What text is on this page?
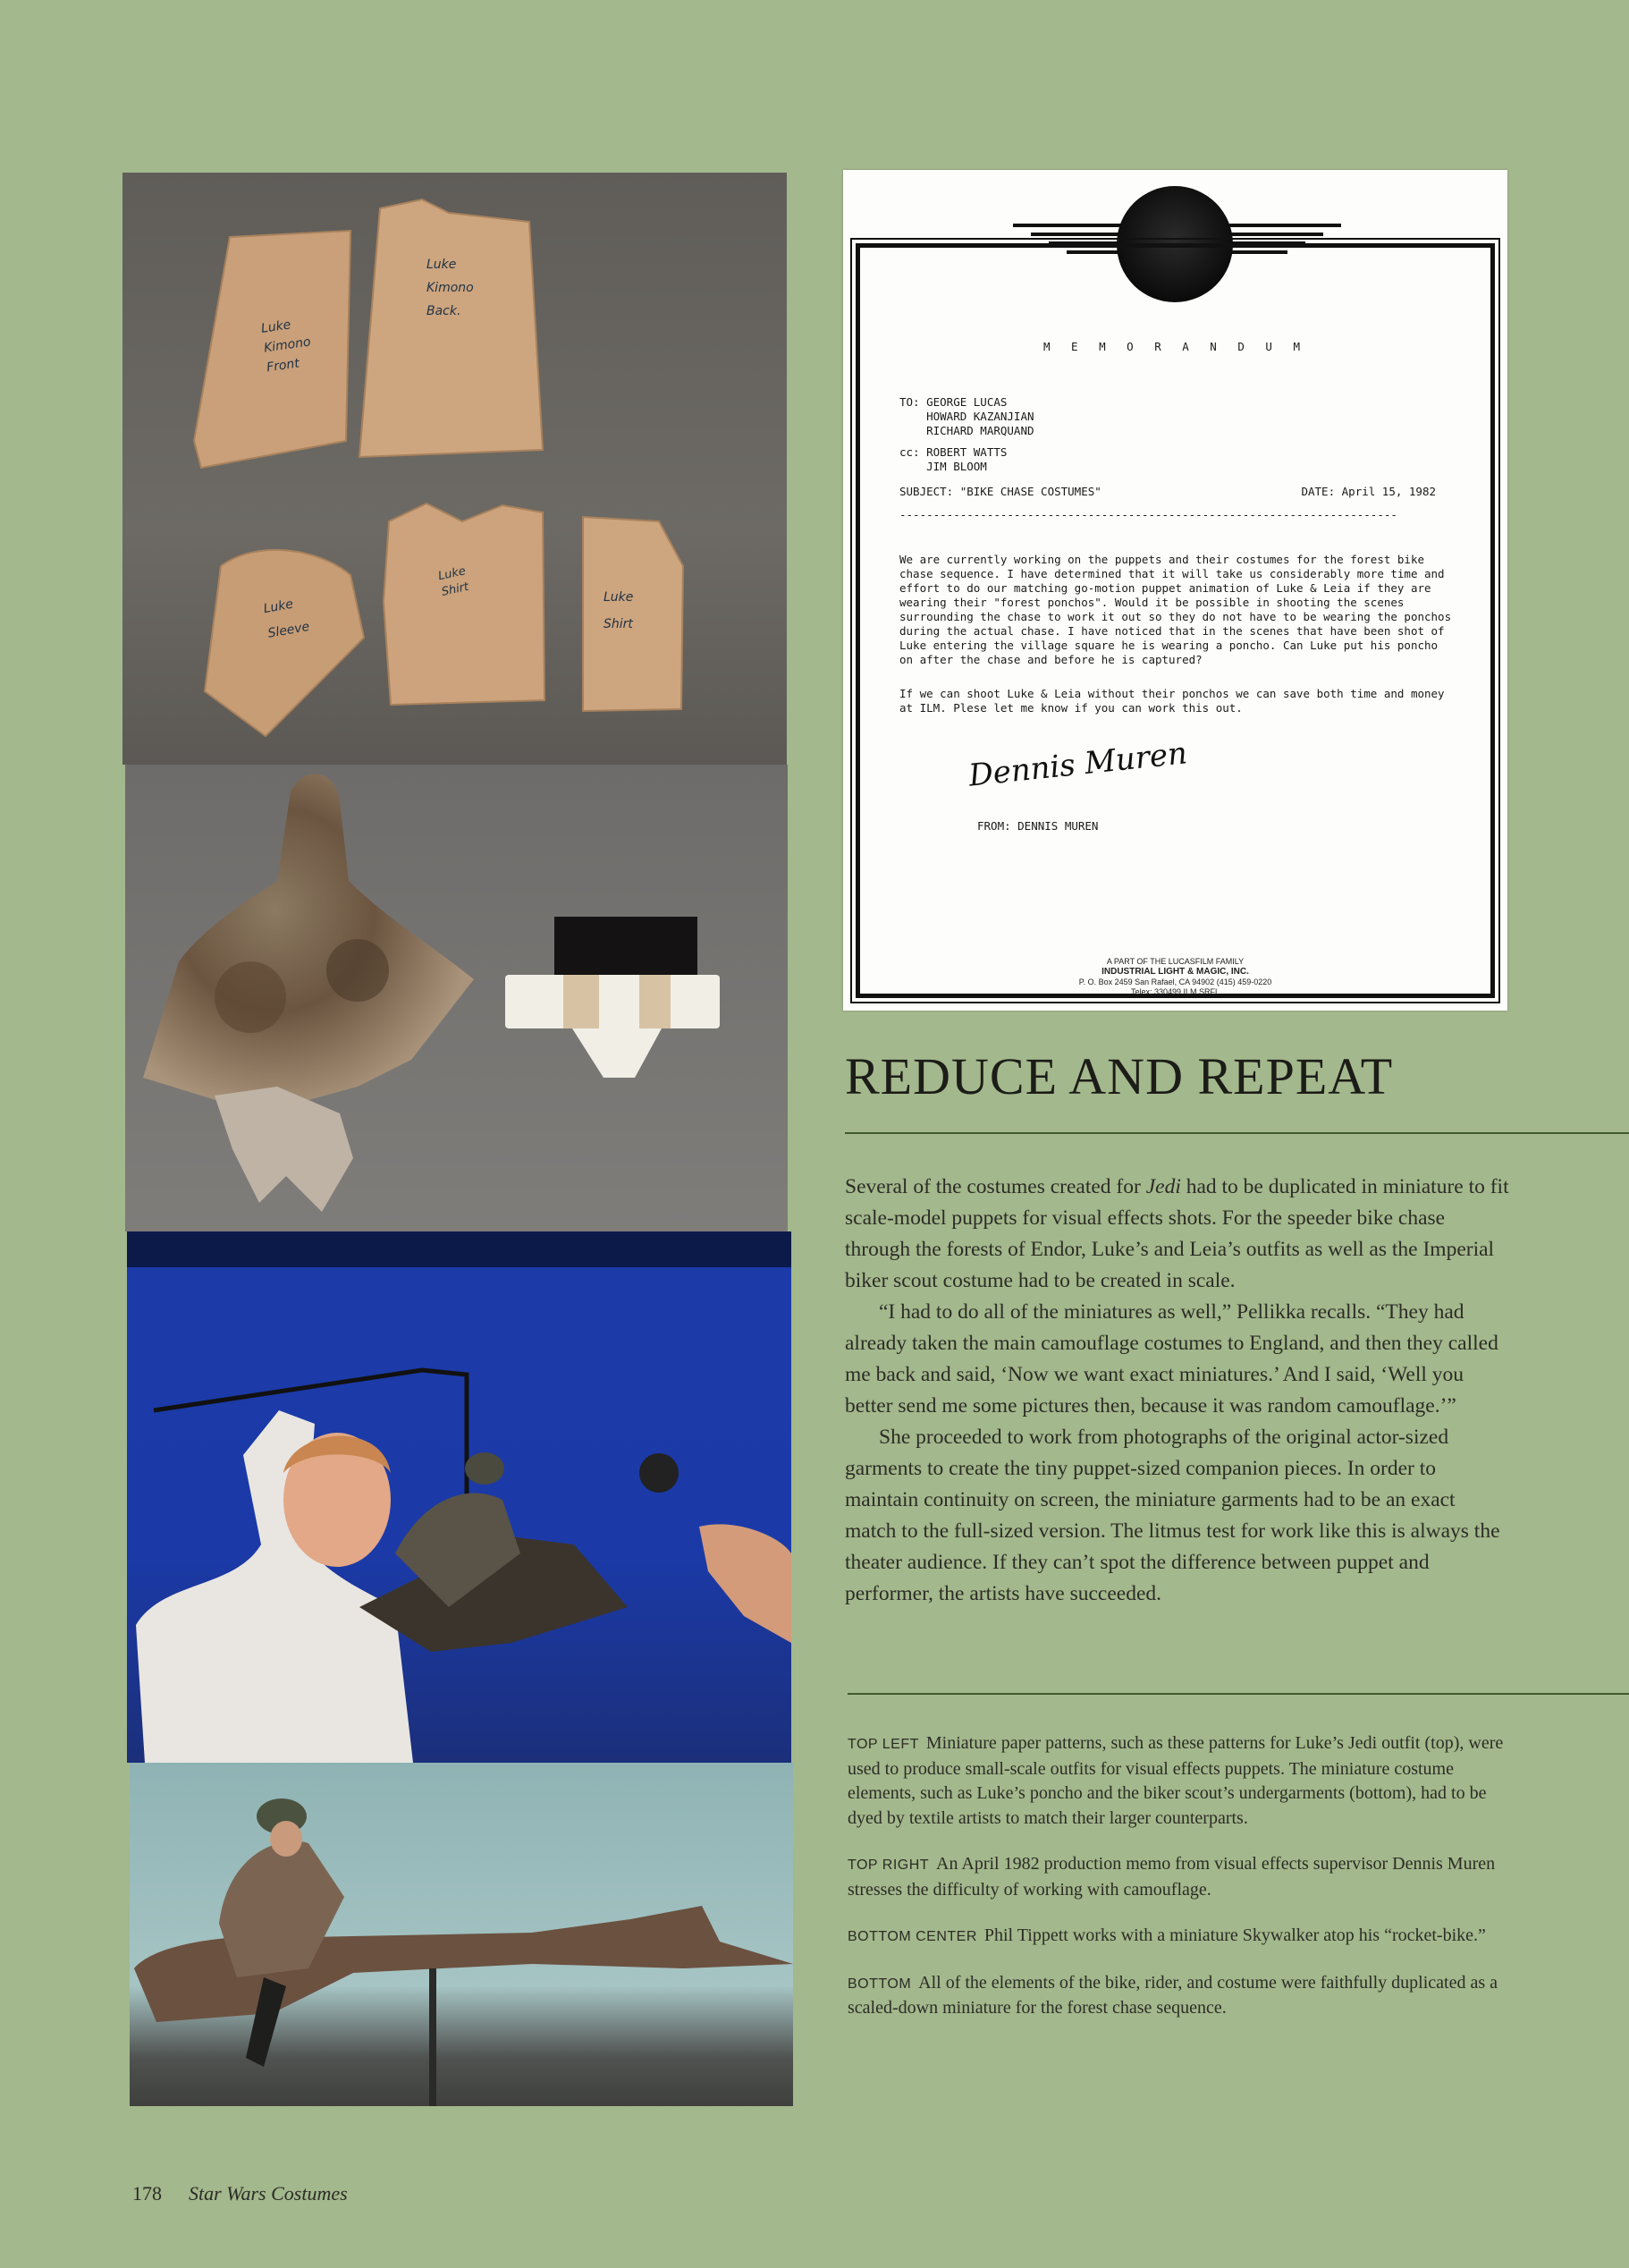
Luke
Kimono
Front
Luke
Kimono
Back.
Luke
Sleeve
Luke
Shirt	Luke
Shirt
M E M O R A N D U M
TO: GEORGE LUCAS
HOWARD KAZANJIAN
RICHARD MARQUAND
cc: ROBERT WATTS
JIM BLOOM
SUBJECT: "BIKE CHASE COSTUMES"	DATE: April 15, 1982
--------------------------------------------------------------------------
We are currently working on the puppets and their costumes for the forest bike chase sequence. I have determined that it will take us considerably more time and effort to do our matching go-motion puppet animation of Luke & Leia if they are wearing their "forest ponchos". Would it be possible in shooting the scenes surrounding the chase to work it out so they do not have to be wearing the ponchos during the actual chase. I have noticed that in the scenes that have been shot of Luke entering the village square he is wearing a poncho. Can Luke put his poncho on after the chase and before he is captured?
If we can shoot Luke & Leia without their ponchos we can save both time and money at ILM. Plese let me know if you can work this out.
Dennis Muren
FROM: DENNIS MUREN
A PART OF THE LUCASFILM FAMILY
INDUSTRIAL LIGHT & MAGIC, INC.
P. O. Box 2459 San Rafael, CA 94902 (415) 459-0220
Telex: 330499 ILM SRFL
REDUCE AND REPEAT

Several of the costumes created for Jedi had to be duplicated in miniature to fit scale-model puppets for visual effects shots. For the speeder bike chase through the forests of Endor, Luke’s and Leia’s outfits as well as the Imperial biker scout costume had to be created in scale.

“I had to do all of the miniatures as well,” Pellikka recalls. “They had already taken the main camouflage costumes to England, and then they called me back and said, ‘Now we want exact miniatures.’ And I said, ‘Well you better send me some pictures then, because it was random camouflage.’”

She proceeded to work from photographs of the original actor-sized garments to create the tiny puppet-sized companion pieces. In order to maintain continuity on screen, the miniature garments had to be an exact match to the full-sized version. The litmus test for work like this is always the theater audience. If they can’t spot the difference between puppet and performer, the artists have succeeded.

TOP LEFT Miniature paper patterns, such as these patterns for Luke’s Jedi outfit (top), were used to produce small-scale outfits for visual effects puppets. The miniature costume elements, such as Luke’s poncho and the biker scout’s undergarments (bottom), had to be dyed by textile artists to match their larger counterparts.

TOP RIGHT An April 1982 production memo from visual effects supervisor Dennis Muren stresses the difficulty of working with camouflage.

BOTTOM CENTER Phil Tippett works with a miniature Skywalker atop his “rocket-bike.”

BOTTOM All of the elements of the bike, rider, and costume were faithfully duplicated as a scaled-down miniature for the forest chase sequence.

178 Star Wars Costumes
